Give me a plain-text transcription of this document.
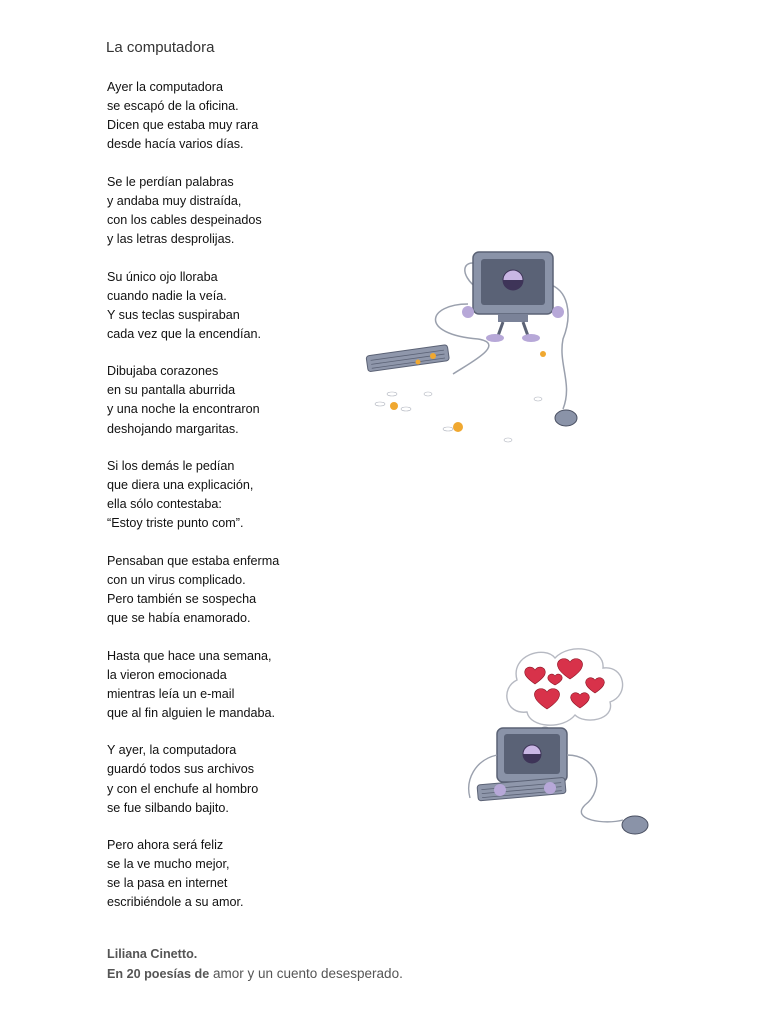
La computadora
Ayer la computadora
se escapó de la oficina.
Dicen que estaba muy rara
desde hacía varios días.
Se le perdían palabras
y andaba muy distraída,
con los cables despeinados
y las letras desprolijas.
Su único ojo lloraba
cuando nadie la veía.
Y sus teclas suspiraban
cada vez que la encendían.
Dibujaba corazones
en su pantalla aburrida
y una noche la encontraron
deshojando margaritas.
Si los demás le pedían
que diera una explicación,
ella sólo contestaba:
“Estoy triste punto com”.
Pensaban que estaba enferma
con un virus complicado.
Pero también se sospecha
que se había enamorado.
Hasta que hace una semana,
la vieron emocionada
mientras leía un e-mail
que al fin alguien le mandaba.
Y ayer, la computadora
guardó todos sus archivos
y con el enchufe al hombro
se fue silbando bajito.
Pero ahora será feliz
se la ve mucho mejor,
se la pasa en internet
escribiéndole a su amor.
Liliana Cinetto.
En 20 poesías de amor y un cuento desesperado.
